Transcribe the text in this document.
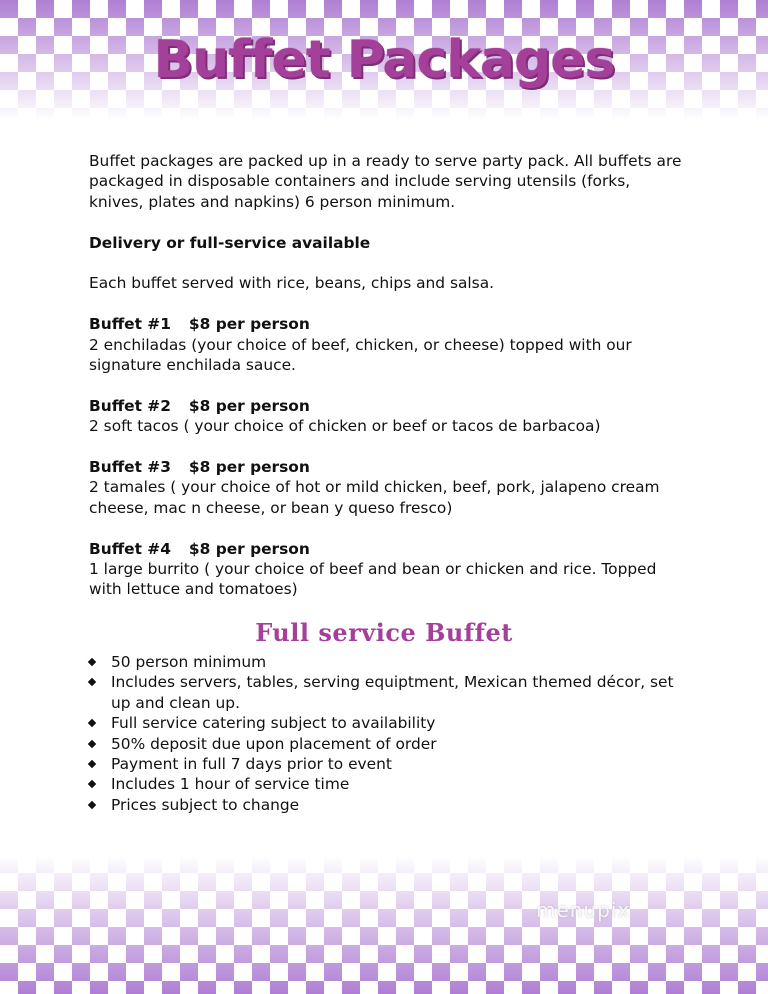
Buffet Packages

Buffet packages are packed up in a ready to serve party pack. All buffets are packaged in disposable containers and include serving utensils (forks, knives, plates and napkins) 6 person minimum.

Delivery or full-service available

Each buffet served with rice, beans, chips and salsa.

Buffet #1 $8 per person
2 enchiladas (your choice of beef, chicken, or cheese) topped with our signature enchilada sauce.

Buffet #2 $8 per person
2 soft tacos ( your choice of chicken or beef or tacos de barbacoa)

Buffet #3 $8 per person
2 tamales ( your choice of hot or mild chicken, beef, pork, jalapeno cream cheese, mac n cheese, or bean y queso fresco)

Buffet #4 $8 per person
1 large burrito ( your choice of beef and bean or chicken and rice. Topped with lettuce and tomatoes)

Full service Buffet
50 person minimum
Includes servers, tables, serving equiptment, Mexican themed décor, set up and clean up.
Full service catering subject to availability
50% deposit due upon placement of order
Payment in full 7 days prior to event
Includes 1 hour of service time
Prices subject to change
menupix
